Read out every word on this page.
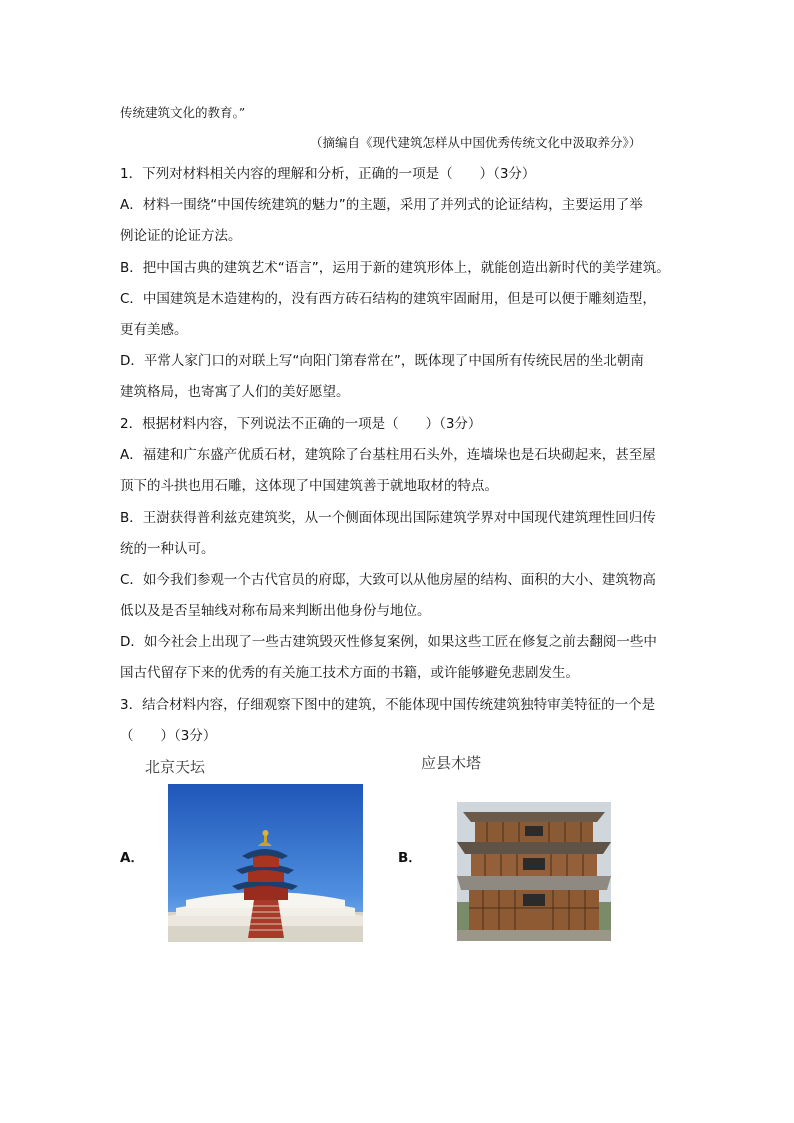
传统建筑文化的教育。”
（摘编自《现代建筑怎样从中国优秀传统文化中汲取养分》）
1．下列对材料相关内容的理解和分析，正确的一项是（　　）（3分）
A．材料一围绕“中国传统建筑的魅力”的主题，采用了并列式的论证结构，主要运用了举
例论证的论证方法。
B．把中国古典的建筑艺术“语言”，运用于新的建筑形体上，就能创造出新时代的美学建筑。
C．中国建筑是木造建构的，没有西方砖石结构的建筑牢固耐用，但是可以便于雕刻造型，
更有美感。
D．平常人家门口的对联上写“向阳门第春常在”，既体现了中国所有传统民居的坐北朝南
建筑格局，也寄寓了人们的美好愿望。
2．根据材料内容，下列说法不正确的一项是（　　）（3分）
A．福建和广东盛产优质石材，建筑除了台基柱用石头外，连墙垛也是石块砌起来，甚至屋
顶下的斗拱也用石雕，这体现了中国建筑善于就地取材的特点。
B．王澍获得普利兹克建筑奖，从一个侧面体现出国际建筑学界对中国现代建筑理性回归传
统的一种认可。
C．如今我们参观一个古代官员的府邸，大致可以从他房屋的结构、面积的大小、建筑物高
低以及是否呈轴线对称布局来判断出他身份与地位。
D．如今社会上出现了一些古建筑毁灭性修复案例，如果这些工匠在修复之前去翻阅一些中
国古代留存下来的优秀的有关施工技术方面的书籍，或许能够避免悲剧发生。
3．结合材料内容，仔细观察下图中的建筑，不能体现中国传统建筑独特审美特征的一个是
（　　）（3分）
北京天坛	应县木塔
A．	B．
